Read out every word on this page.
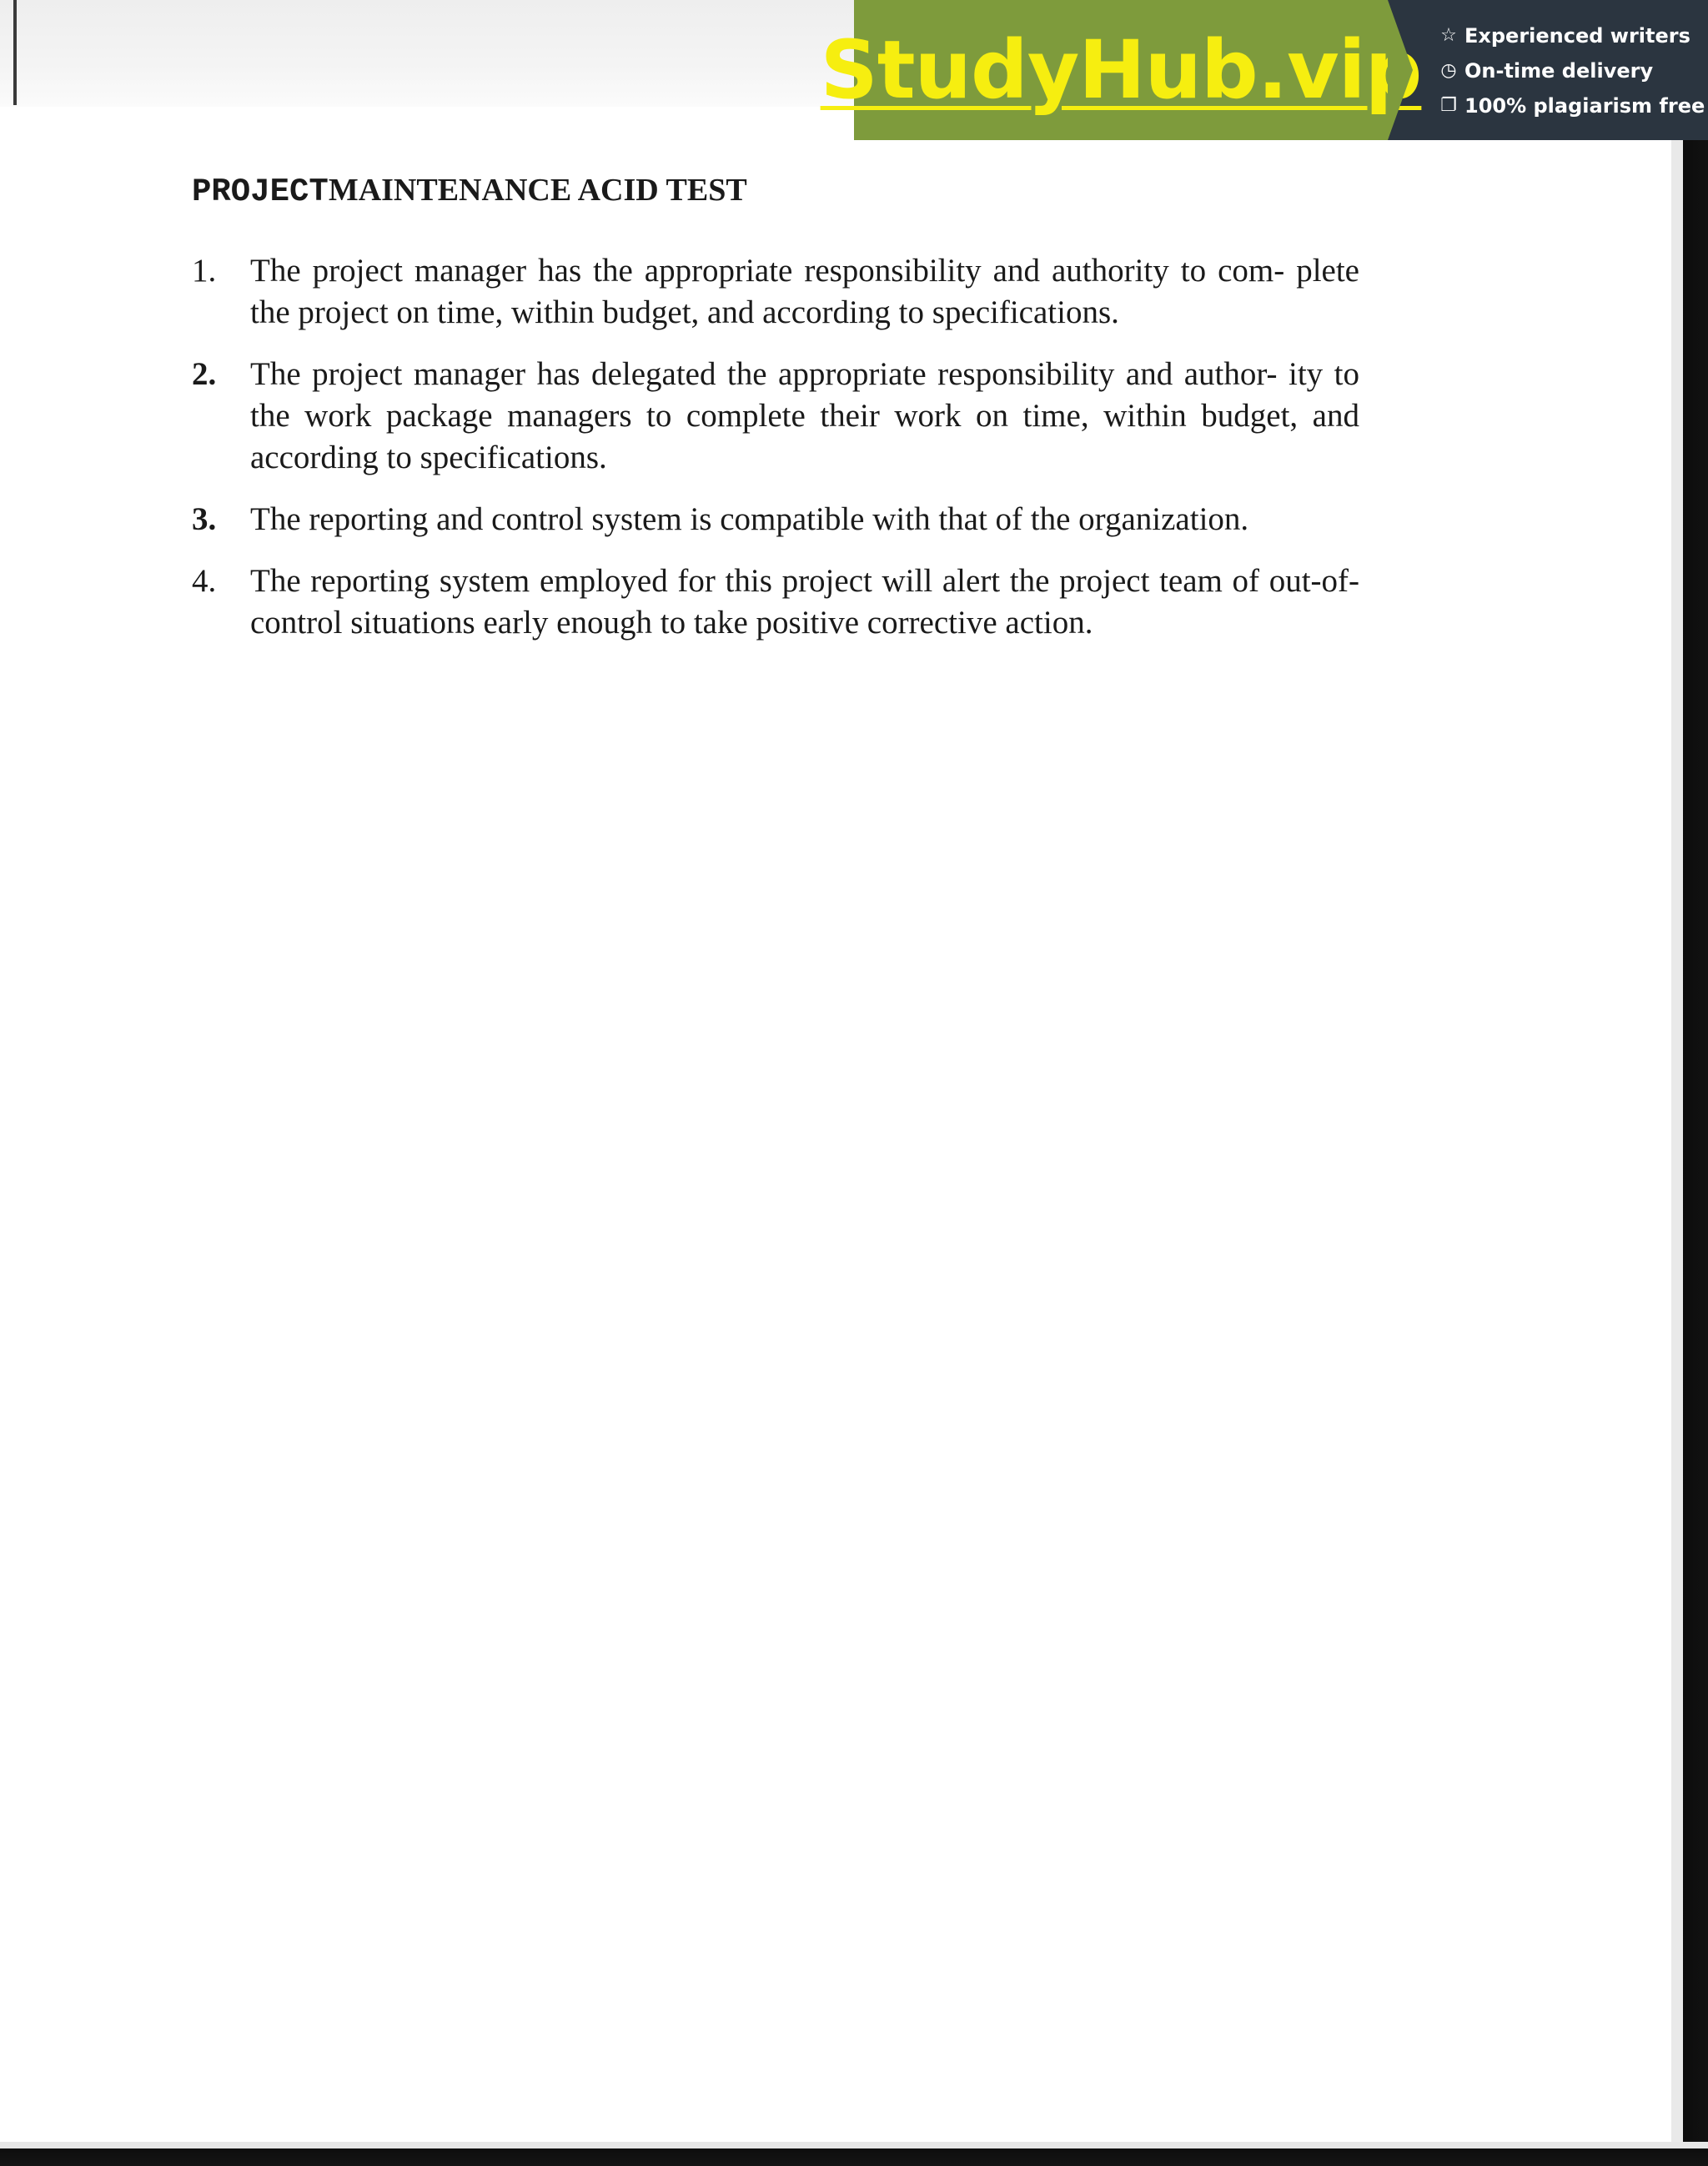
StudyHub.vip ☆ Experienced writers
◷ On-time delivery
❐ 100% plagiarism free
PROJECTMAINTENANCE ACID TEST
1.	The project manager has the appropriate responsibility and authority to com- plete the project on time, within budget, and according to specifications.
2.	The project manager has delegated the appropriate responsibility and author- ity to the work package managers to complete their work on time, within budget, and according to specifications.
3.	The reporting and control system is compatible with that of the organization.
4.	The reporting system employed for this project will alert the project team of out-of-control situations early enough to take positive corrective action.
